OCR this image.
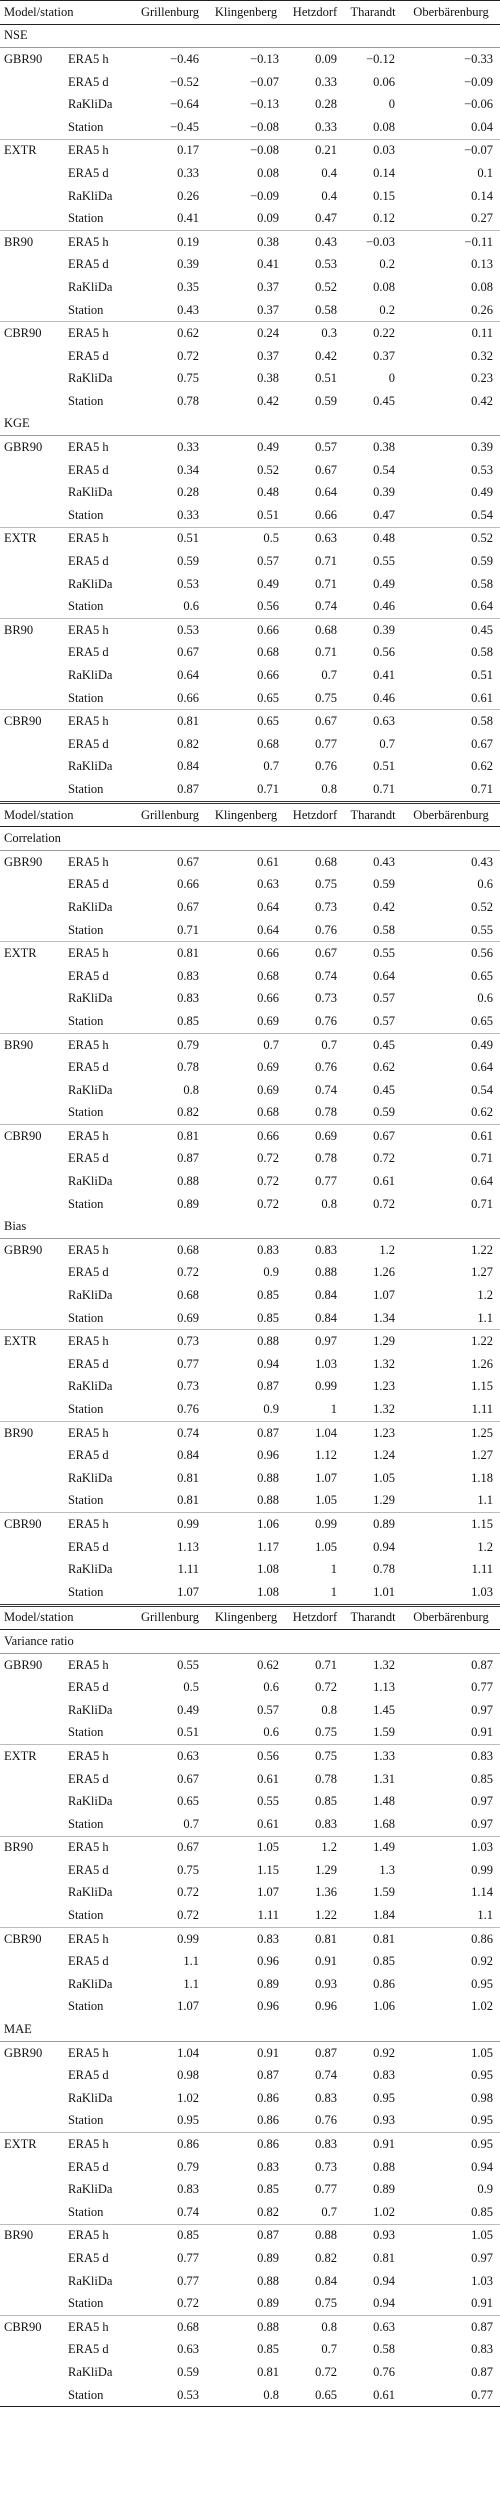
Model/station		Grillenburg	Klingenberg	Hetzdorf	Tharandt	Oberbärenburg
NSE						
GBR90	ERA5 h	−0.46	−0.13	0.09	−0.12	−0.33
	ERA5 d	−0.52	−0.07	0.33	0.06	−0.09
	RaKliDa	−0.64	−0.13	0.28	0	−0.06
	Station	−0.45	−0.08	0.33	0.08	0.04
EXTR	ERA5 h	0.17	−0.08	0.21	0.03	−0.07
	ERA5 d	0.33	0.08	0.4	0.14	0.1
	RaKliDa	0.26	−0.09	0.4	0.15	0.14
	Station	0.41	0.09	0.47	0.12	0.27
BR90	ERA5 h	0.19	0.38	0.43	−0.03	−0.11
	ERA5 d	0.39	0.41	0.53	0.2	0.13
	RaKliDa	0.35	0.37	0.52	0.08	0.08
	Station	0.43	0.37	0.58	0.2	0.26
CBR90	ERA5 h	0.62	0.24	0.3	0.22	0.11
	ERA5 d	0.72	0.37	0.42	0.37	0.32
	RaKliDa	0.75	0.38	0.51	0	0.23
	Station	0.78	0.42	0.59	0.45	0.42
KGE						
GBR90	ERA5 h	0.33	0.49	0.57	0.38	0.39
	ERA5 d	0.34	0.52	0.67	0.54	0.53
	RaKliDa	0.28	0.48	0.64	0.39	0.49
	Station	0.33	0.51	0.66	0.47	0.54
EXTR	ERA5 h	0.51	0.5	0.63	0.48	0.52
	ERA5 d	0.59	0.57	0.71	0.55	0.59
	RaKliDa	0.53	0.49	0.71	0.49	0.58
	Station	0.6	0.56	0.74	0.46	0.64
BR90	ERA5 h	0.53	0.66	0.68	0.39	0.45
	ERA5 d	0.67	0.68	0.71	0.56	0.58
	RaKliDa	0.64	0.66	0.7	0.41	0.51
	Station	0.66	0.65	0.75	0.46	0.61
CBR90	ERA5 h	0.81	0.65	0.67	0.63	0.58
	ERA5 d	0.82	0.68	0.77	0.7	0.67
	RaKliDa	0.84	0.7	0.76	0.51	0.62
	Station	0.87	0.71	0.8	0.71	0.71
Model/station		Grillenburg	Klingenberg	Hetzdorf	Tharandt	Oberbärenburg
Correlation						
GBR90	ERA5 h	0.67	0.61	0.68	0.43	0.43
	ERA5 d	0.66	0.63	0.75	0.59	0.6
	RaKliDa	0.67	0.64	0.73	0.42	0.52
	Station	0.71	0.64	0.76	0.58	0.55
EXTR	ERA5 h	0.81	0.66	0.67	0.55	0.56
	ERA5 d	0.83	0.68	0.74	0.64	0.65
	RaKliDa	0.83	0.66	0.73	0.57	0.6
	Station	0.85	0.69	0.76	0.57	0.65
BR90	ERA5 h	0.79	0.7	0.7	0.45	0.49
	ERA5 d	0.78	0.69	0.76	0.62	0.64
	RaKliDa	0.8	0.69	0.74	0.45	0.54
	Station	0.82	0.68	0.78	0.59	0.62
CBR90	ERA5 h	0.81	0.66	0.69	0.67	0.61
	ERA5 d	0.87	0.72	0.78	0.72	0.71
	RaKliDa	0.88	0.72	0.77	0.61	0.64
	Station	0.89	0.72	0.8	0.72	0.71
Bias						
GBR90	ERA5 h	0.68	0.83	0.83	1.2	1.22
	ERA5 d	0.72	0.9	0.88	1.26	1.27
	RaKliDa	0.68	0.85	0.84	1.07	1.2
	Station	0.69	0.85	0.84	1.34	1.1
EXTR	ERA5 h	0.73	0.88	0.97	1.29	1.22
	ERA5 d	0.77	0.94	1.03	1.32	1.26
	RaKliDa	0.73	0.87	0.99	1.23	1.15
	Station	0.76	0.9	1	1.32	1.11
BR90	ERA5 h	0.74	0.87	1.04	1.23	1.25
	ERA5 d	0.84	0.96	1.12	1.24	1.27
	RaKliDa	0.81	0.88	1.07	1.05	1.18
	Station	0.81	0.88	1.05	1.29	1.1
CBR90	ERA5 h	0.99	1.06	0.99	0.89	1.15
	ERA5 d	1.13	1.17	1.05	0.94	1.2
	RaKliDa	1.11	1.08	1	0.78	1.11
	Station	1.07	1.08	1	1.01	1.03
Model/station		Grillenburg	Klingenberg	Hetzdorf	Tharandt	Oberbärenburg
Variance ratio						
GBR90	ERA5 h	0.55	0.62	0.71	1.32	0.87
	ERA5 d	0.5	0.6	0.72	1.13	0.77
	RaKliDa	0.49	0.57	0.8	1.45	0.97
	Station	0.51	0.6	0.75	1.59	0.91
EXTR	ERA5 h	0.63	0.56	0.75	1.33	0.83
	ERA5 d	0.67	0.61	0.78	1.31	0.85
	RaKliDa	0.65	0.55	0.85	1.48	0.97
	Station	0.7	0.61	0.83	1.68	0.97
BR90	ERA5 h	0.67	1.05	1.2	1.49	1.03
	ERA5 d	0.75	1.15	1.29	1.3	0.99
	RaKliDa	0.72	1.07	1.36	1.59	1.14
	Station	0.72	1.11	1.22	1.84	1.1
CBR90	ERA5 h	0.99	0.83	0.81	0.81	0.86
	ERA5 d	1.1	0.96	0.91	0.85	0.92
	RaKliDa	1.1	0.89	0.93	0.86	0.95
	Station	1.07	0.96	0.96	1.06	1.02
MAE						
GBR90	ERA5 h	1.04	0.91	0.87	0.92	1.05
	ERA5 d	0.98	0.87	0.74	0.83	0.95
	RaKliDa	1.02	0.86	0.83	0.95	0.98
	Station	0.95	0.86	0.76	0.93	0.95
EXTR	ERA5 h	0.86	0.86	0.83	0.91	0.95
	ERA5 d	0.79	0.83	0.73	0.88	0.94
	RaKliDa	0.83	0.85	0.77	0.89	0.9
	Station	0.74	0.82	0.7	1.02	0.85
BR90	ERA5 h	0.85	0.87	0.88	0.93	1.05
	ERA5 d	0.77	0.89	0.82	0.81	0.97
	RaKliDa	0.77	0.88	0.84	0.94	1.03
	Station	0.72	0.89	0.75	0.94	0.91
CBR90	ERA5 h	0.68	0.88	0.8	0.63	0.87
	ERA5 d	0.63	0.85	0.7	0.58	0.83
	RaKliDa	0.59	0.81	0.72	0.76	0.87
	Station	0.53	0.8	0.65	0.61	0.77
